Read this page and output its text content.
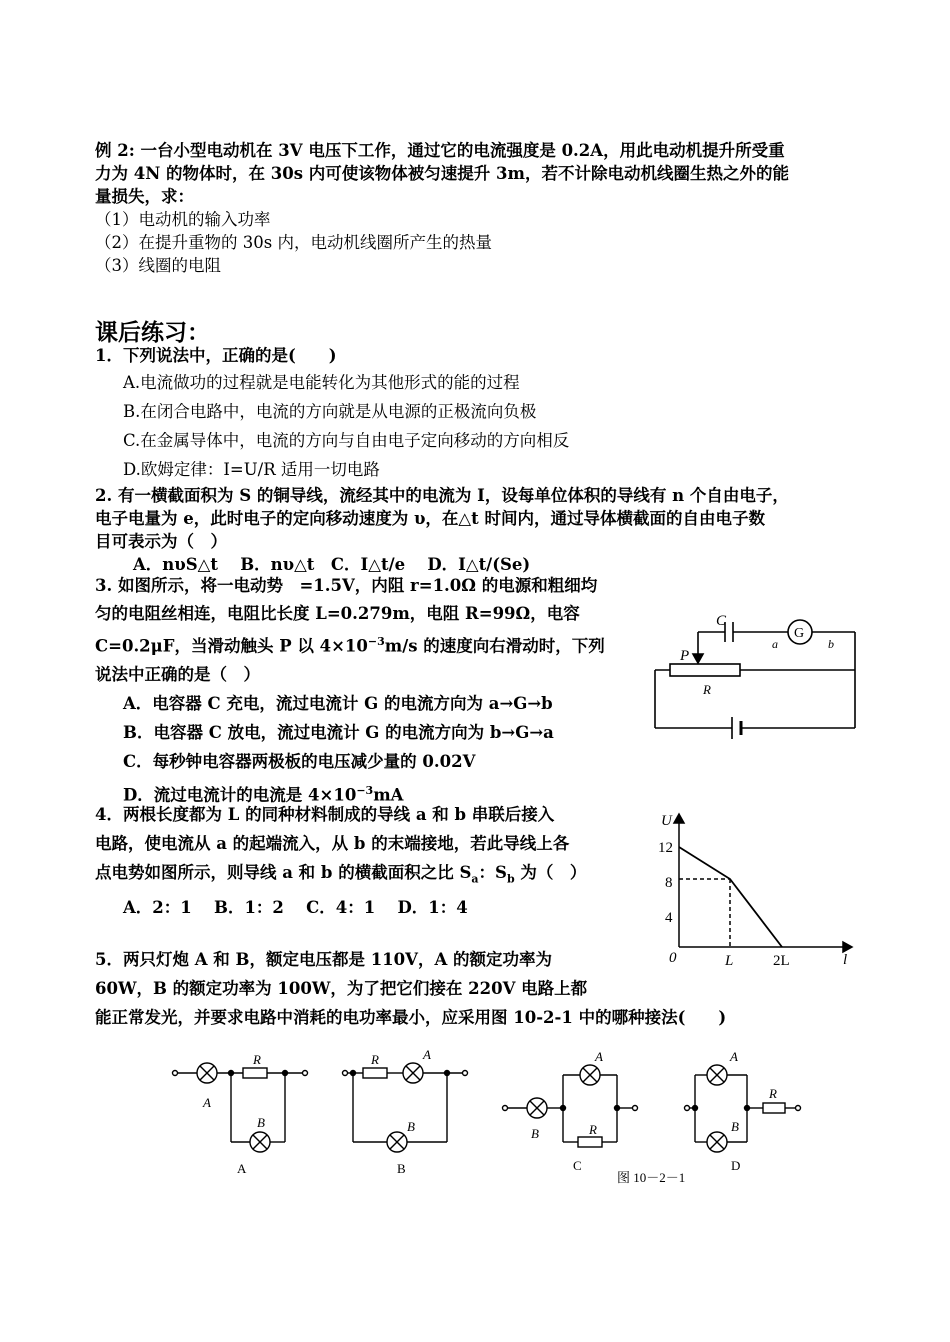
例 2: 一台小型电动机在 3V 电压下工作，通过它的电流强度是 0.2A，用此电动机提升所受重
力为 4N 的物体时，在 30s 内可使该物体被匀速提升 3m，若不计除电动机线圈生热之外的能
量损失，求：
（1）电动机的输入功率
（2）在提升重物的 30s 内，电动机线圈所产生的热量
（3）线圈的电阻
课后练习：
1．下列说法中，正确的是(　　)
A.电流做功的过程就是电能转化为其他形式的能的过程
B.在闭合电路中，电流的方向就是从电源的正极流向负极
C.在金属导体中，电流的方向与自由电子定向移动的方向相反
D.欧姆定律：I=U/R 适用一切电路
2. 有一横截面积为 S 的铜导线，流经其中的电流为 I，设每单位体积的导线有 n 个自由电子，
电子电量为 e，此时电子的定向移动速度为 υ，在△t 时间内，通过导体横截面的自由电子数
目可表示为（　）
A．nυS△t　 B．nυ△t　C．I△t/e　 D．I△t/(Se)
3. 如图所示，将一电动势　=1.5V，内阻 r=1.0Ω 的电源和粗细均
匀的电阻丝相连，电阻比长度 L=0.279m，电阻 R=99Ω，电容
C=0.2μF，当滑动触头 P 以 $4\times 10^{-3}m/s$ 的速度向右滑动时，下列
说法中正确的是（　）
A．电容器 C 充电，流过电流计 G 的电流方向为 a→G→b
B．电容器 C 放电，流过电流计 G 的电流方向为 b→G→a
C．每秒钟电容器两极板的电压减少量的 0.02V
D．流过电流计的电流是 $4\times 10^{-3}mA$
C
G
a	b
P
R
4．两根长度都为 L 的同种材料制成的导线 a 和 b 串联后接入
电路，使电流从 a 的起端流入，从 b 的末端接地，若此导线上各
点电势如图所示，则导线 a 和 b 的横截面积之比 $S_a$：$S_b$ 为（　）
A．2：1　 B．1：2　 C．4：1　 D．1：4
U
l
0
12
8
4
L	2L
5．两只灯炮 A 和 B，额定电压都是 110V，A 的额定功率为
60W，B 的额定功率为 100W，为了把它们接在 220V 电路上都
能正常发光，并要求电路中消耗的电功率最小，应采用图 10-2-1 中的哪种接法(　　)
A
R
B
A
R	A
B
B
A
B	R
C
A
B
R
D
图 10－2－1
